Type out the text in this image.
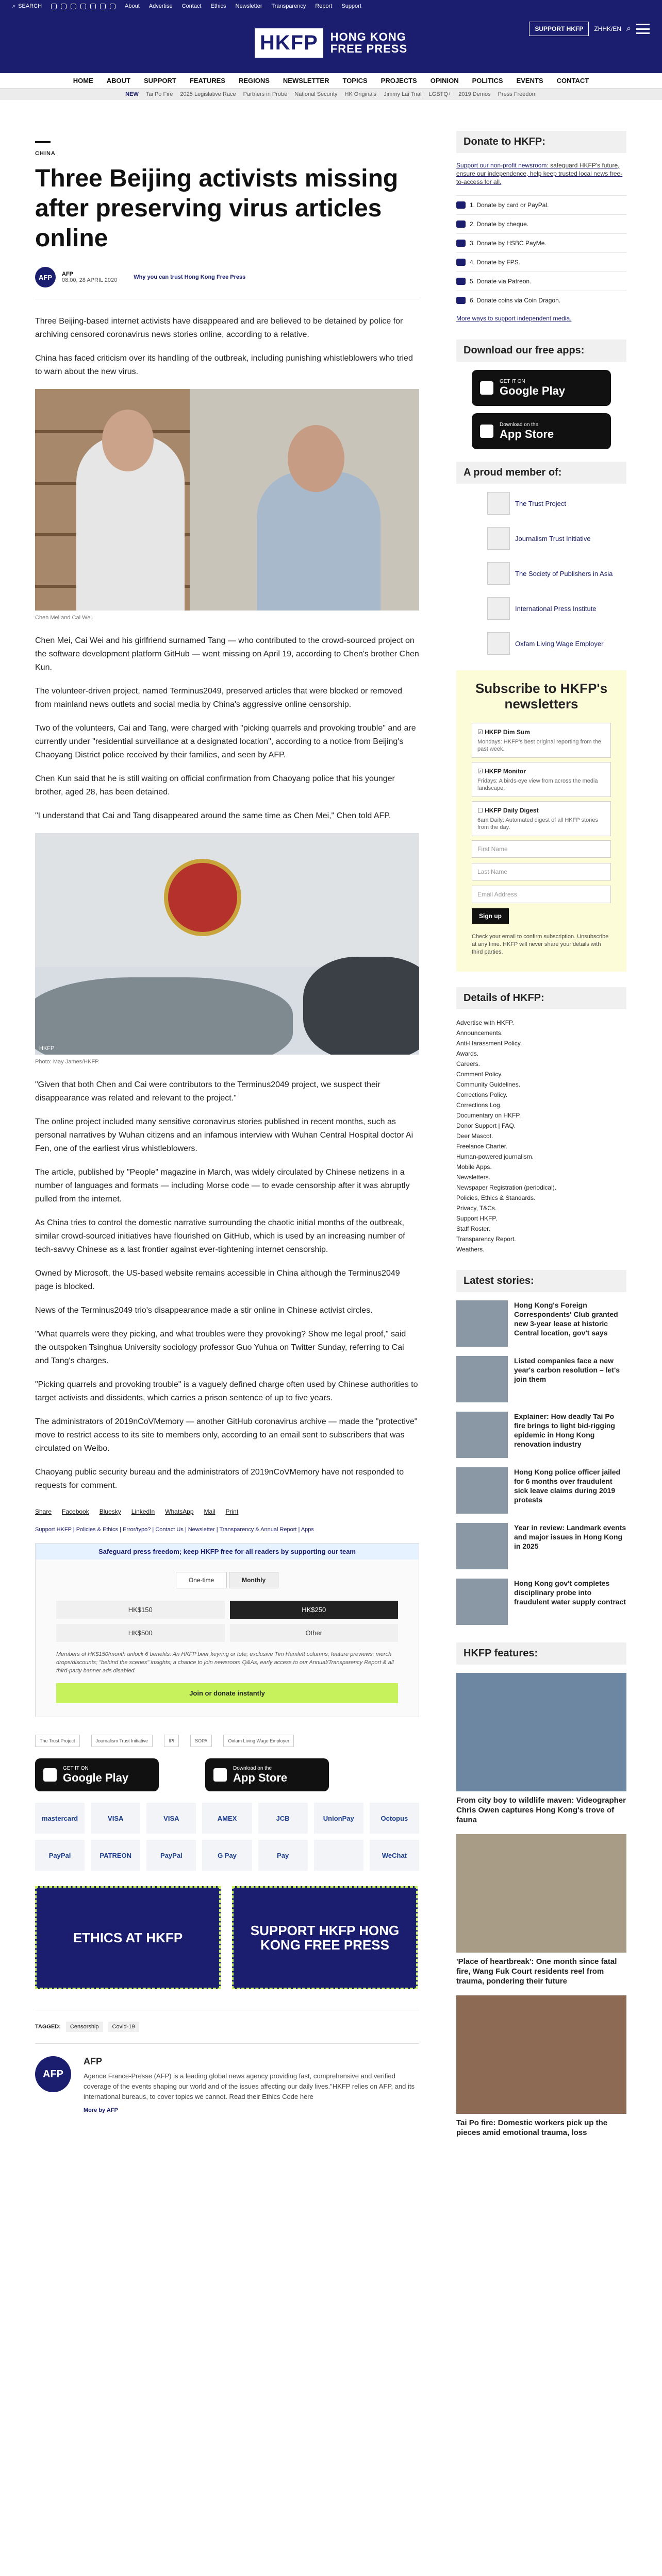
⌕ SEARCH	About Advertise Contact Ethics Newsletter Transparency Report Support
HKFP	HONG KONG
FREE PRESS
SUPPORT HKFP	ZHHK/EN ⌕
HOME ABOUT SUPPORT FEATURES REGIONS NEWSLETTER TOPICS PROJECTS OPINION POLITICS EVENTS CONTACT
NEW Tai Po Fire 2025 Legislative Race Partners in Probe National Security HK Originals Jimmy Lai Trial LGBTQ+ 2019 Demos Press Freedom
CHINA
Three Beijing activists missing after preserving virus articles online
AFP	AFP
08:00, 28 APRIL 2020	Why you can trust Hong Kong Free Press

Three Beijing-based internet activists have disappeared and are believed to be detained by police for archiving censored coronavirus news stories online, according to a relative.

China has faced criticism over its handling of the outbreak, including punishing whistleblowers who tried to warn about the new virus.

Chen Mei and Cai Wei.

Chen Mei, Cai Wei and his girlfriend surnamed Tang — who contributed to the crowd-sourced project on the software development platform GitHub — went missing on April 19, according to Chen's brother Chen Kun.

The volunteer-driven project, named Terminus2049, preserved articles that were blocked or removed from mainland news outlets and social media by China's aggressive online censorship.

Two of the volunteers, Cai and Tang, were charged with "picking quarrels and provoking trouble" and are currently under "residential surveillance at a designated location", according to a notice from Beijing's Chaoyang District police received by their families, and seen by AFP.

Chen Kun said that he is still waiting on official confirmation from Chaoyang police that his younger brother, aged 28, has been detained.

"I understand that Cai and Tang disappeared around the same time as Chen Mei," Chen told AFP.

HKFP
Photo: May James/HKFP.

"Given that both Chen and Cai were contributors to the Terminus2049 project, we suspect their disappearance was related and relevant to the project."

The online project included many sensitive coronavirus stories published in recent months, such as personal narratives by Wuhan citizens and an infamous interview with Wuhan Central Hospital doctor Ai Fen, one of the earliest virus whistleblowers.

The article, published by "People" magazine in March, was widely circulated by Chinese netizens in a number of languages and formats — including Morse code — to evade censorship after it was abruptly pulled from the internet.

As China tries to control the domestic narrative surrounding the chaotic initial months of the outbreak, similar crowd-sourced initiatives have flourished on GitHub, which is used by an increasing number of tech-savvy Chinese as a last frontier against ever-tightening internet censorship.

Owned by Microsoft, the US-based website remains accessible in China although the Terminus2049 page is blocked.

News of the Terminus2049 trio's disappearance made a stir online in Chinese activist circles.

"What quarrels were they picking, and what troubles were they provoking? Show me legal proof," said the outspoken Tsinghua University sociology professor Guo Yuhua on Twitter Sunday, referring to Cai and Tang's charges.

"Picking quarrels and provoking trouble" is a vaguely defined charge often used by Chinese authorities to target activists and dissidents, which carries a prison sentence of up to five years.

The administrators of 2019nCoVMemory — another GitHub coronavirus archive — made the "protective" move to restrict access to its site to members only, according to an email sent to subscribers that was circulated on Weibo.

Chaoyang public security bureau and the administrators of 2019nCoVMemory have not responded to requests for comment.

Share Facebook Bluesky LinkedIn WhatsApp Mail Print
Support HKFP | Policies & Ethics | Error/typo? | Contact Us | Newsletter | Transparency & Annual Report | Apps
Safeguard press freedom; keep HKFP free for all readers by supporting our team
One-time	Monthly
HK$150	HK$250
HK$500	Other
Members of HK$150/month unlock 6 benefits: An HKFP beer keyring or tote; exclusive Tim Hamlett columns; feature previews; merch drops/discounts; "behind the scenes" insights; a chance to join newsroom Q&As, early access to our Annual/Transparency Report & all third-party banner ads disabled.
Join or donate instantly
The Trust Project	Journalism Trust Initiative	IPI	SOPA	Oxfam Living Wage Employer
GET IT ON
Google Play
Download on the
App Store
mastercard	VISA	VISA	AMEX	JCB	UnionPay	Octopus
PayPal	PATREON	PayPal	G Pay	Pay	WeChat
ETHICS AT HKFP	SUPPORT HKFP HONG KONG FREE PRESS
TAGGED:	Censorship	Covid-19
AFP
AFP

Agence France-Presse (AFP) is a leading global news agency providing fast, comprehensive and verified coverage of the events shaping our world and of the issues affecting our daily lives."HKFP relies on AFP, and its international bureaus, to cover topics we cannot. Read their Ethics Code here

More by AFP
Donate to HKFP:
Support our non-profit newsroom: safeguard HKFP's future, ensure our independence, help keep trusted local news free-to-access for all.
1. Donate by card or PayPal.
2. Donate by cheque.
3. Donate by HSBC PayMe.
4. Donate by FPS.
5. Donate via Patreon.
6. Donate coins via Coin Dragon.
More ways to support independent media.
Download our free apps:
GET IT ON
Google Play
Download on the
App Store
A proud member of:
The Trust Project
Journalism Trust Initiative
The Society of Publishers in Asia
International Press Institute
Oxfam Living Wage Employer
Subscribe to HKFP's newsletters
☑ HKFP Dim Sum
Mondays: HKFP's best original reporting from the past week.
☑ HKFP Monitor
Fridays: A birds-eye view from across the media landscape.
☐ HKFP Daily Digest
6am Daily: Automated digest of all HKFP stories from the day.
First Name
Last Name
Email Address
Sign up
Check your email to confirm subscription. Unsubscribe at any time. HKFP will never share your details with third parties.
Details of HKFP:
Advertise with HKFP.
Announcements.
Anti-Harassment Policy.
Awards.
Careers.
Comment Policy.
Community Guidelines.
Corrections Policy.
Corrections Log.
Documentary on HKFP.
Donor Support | FAQ.
Deer Mascot.
Freelance Charter.
Human-powered journalism.
Mobile Apps.
Newsletters.
Newspaper Registration (periodical).
Policies, Ethics & Standards.
Privacy, T&Cs.
Support HKFP.
Staff Roster.
Transparency Report.
Weathers.
Latest stories:
Hong Kong's Foreign Correspondents' Club granted new 3-year lease at historic Central location, gov't says
Listed companies face a new year's carbon resolution – let's join them
Explainer: How deadly Tai Po fire brings to light bid-rigging epidemic in Hong Kong renovation industry
Hong Kong police officer jailed for 6 months over fraudulent sick leave claims during 2019 protests
Year in review: Landmark events and major issues in Hong Kong in 2025
Hong Kong gov't completes disciplinary probe into fraudulent water supply contract
HKFP features:
From city boy to wildlife maven: Videographer Chris Owen captures Hong Kong's trove of fauna
'Place of heartbreak': One month since fatal fire, Wang Fuk Court residents reel from trauma, pondering their future
Tai Po fire: Domestic workers pick up the pieces amid emotional trauma, loss
